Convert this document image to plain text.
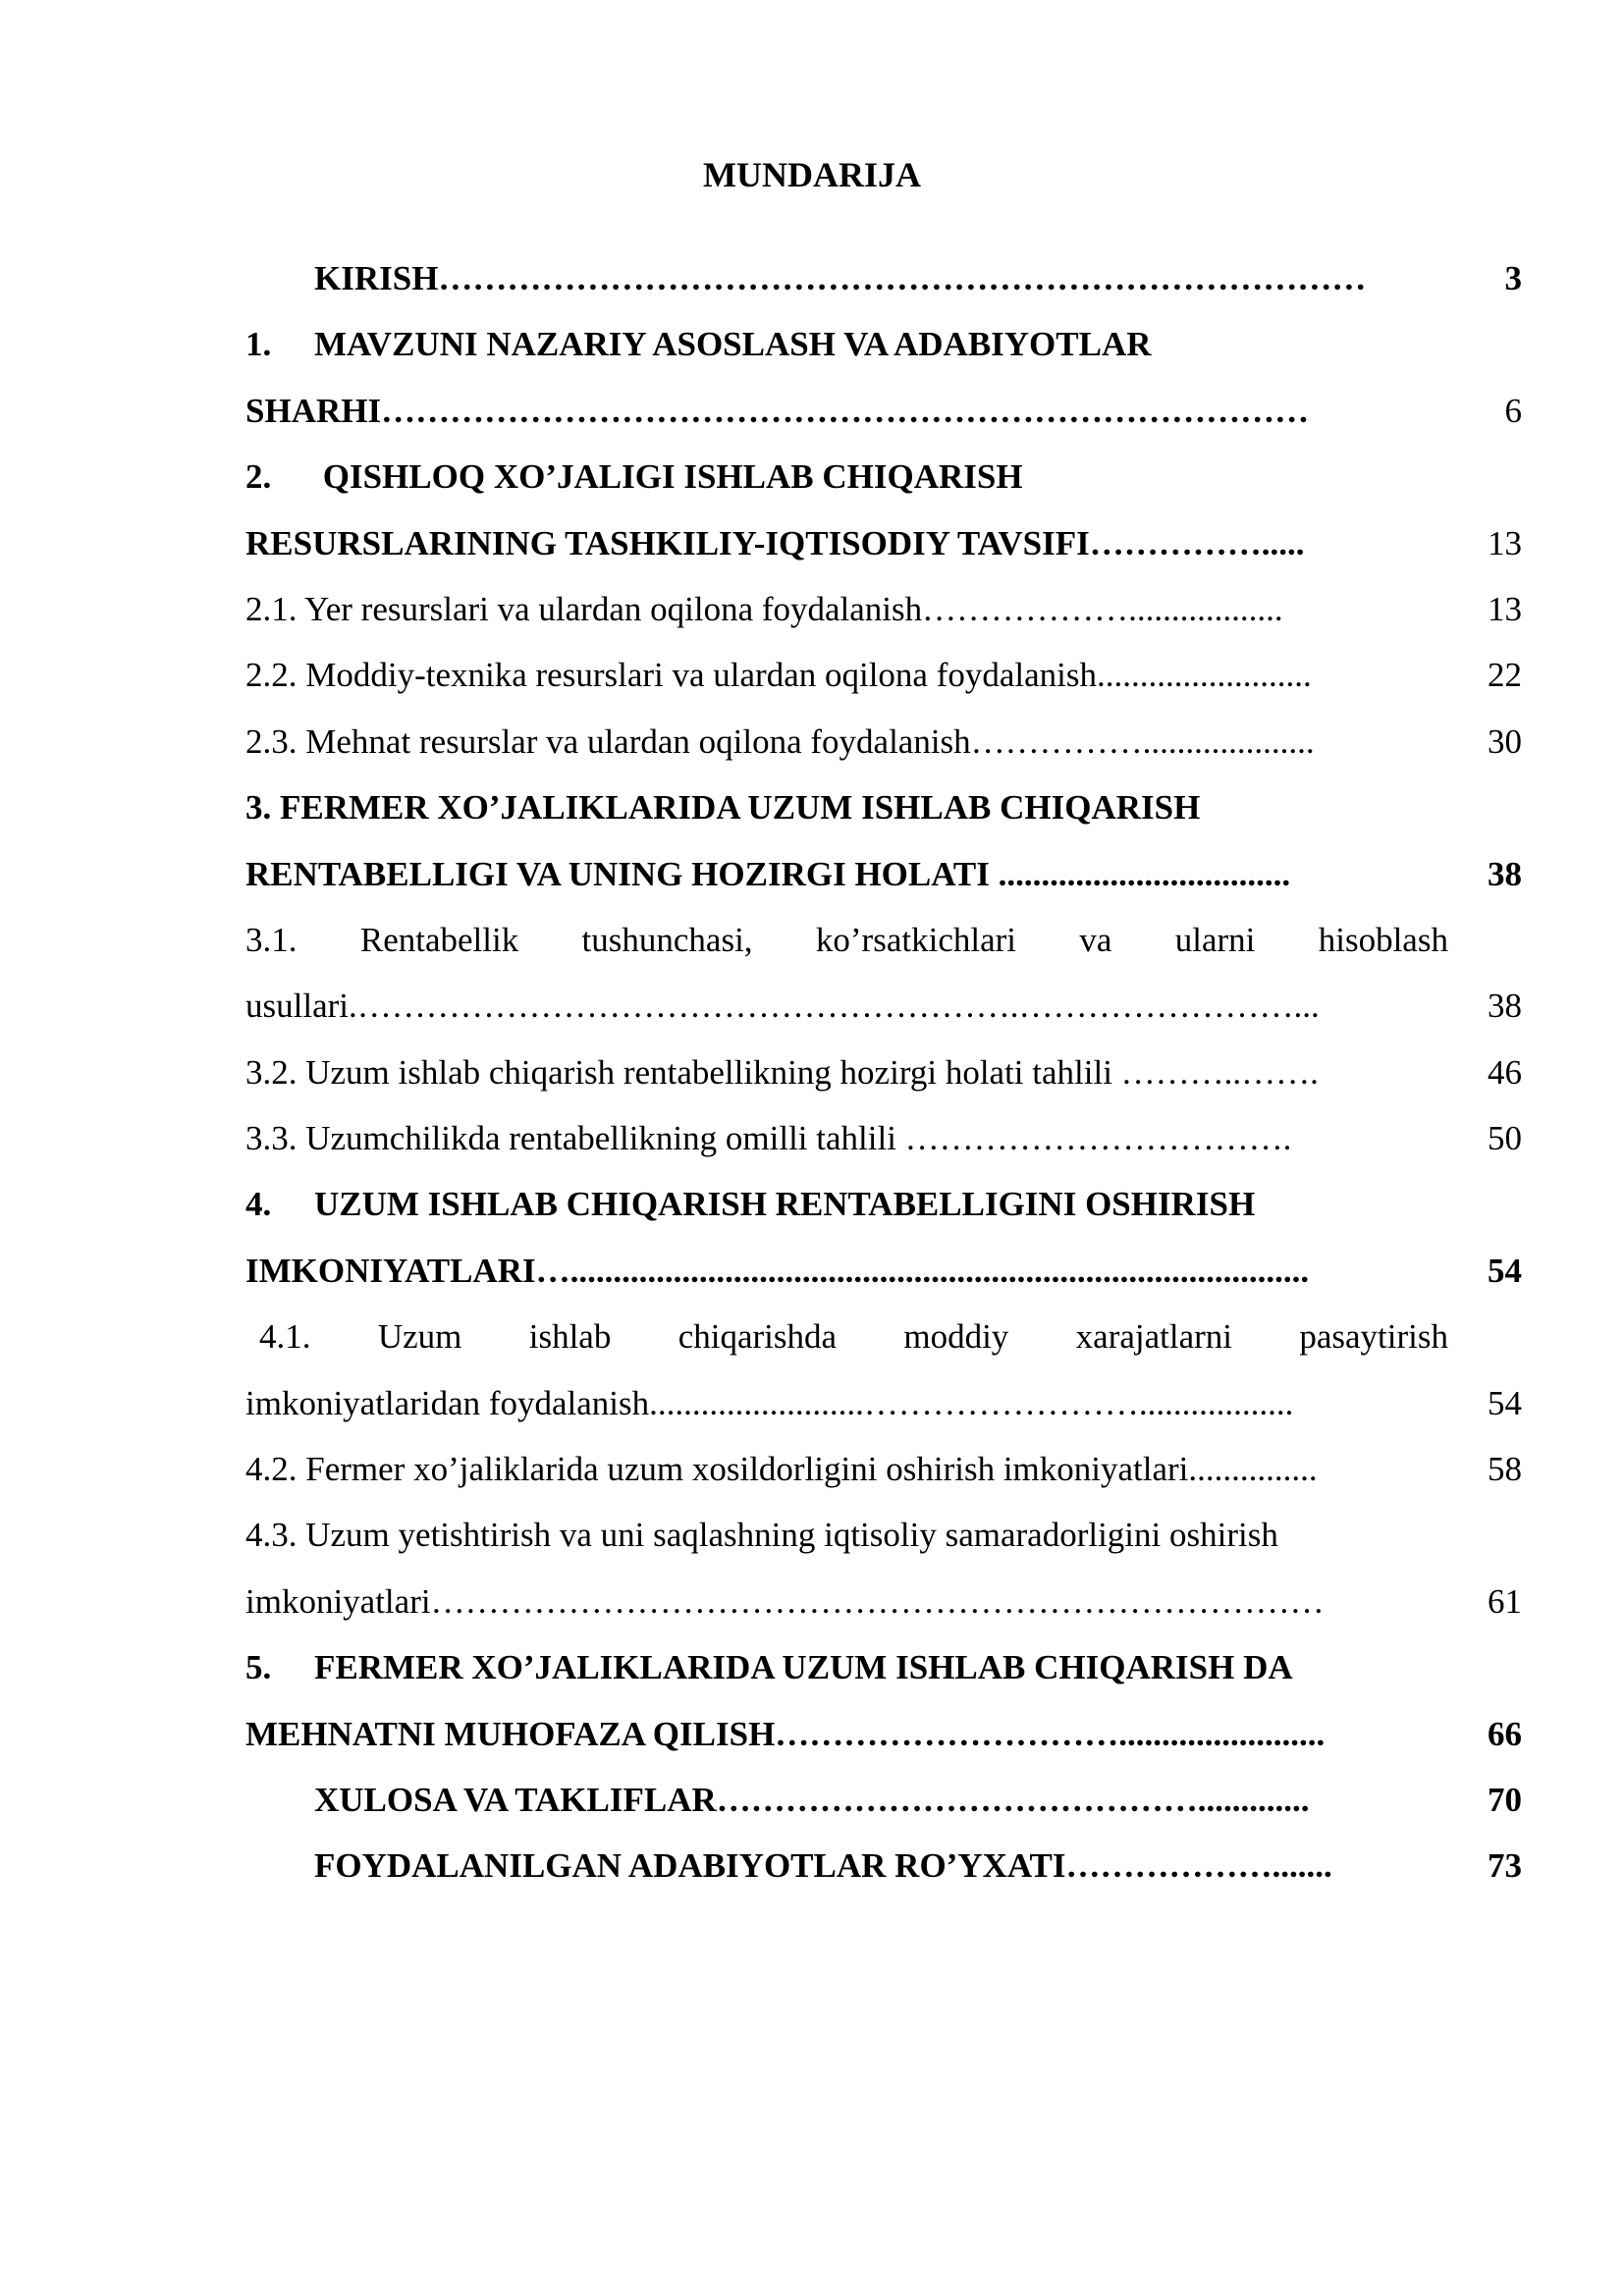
MUNDARIJA
KIRISH………………………………………………………………………	3
1. MAVZUNI NAZARIY ASOSLASH VA ADABIYOTLAR
SHARHI………………………………………………………………………	6
2. QISHLOQ XO’JALIGI ISHLAB CHIQARISH
RESURSLARINING TASHKILIY-IQTISODIY TAVSIFI…………….....	13
2.1. Yer resurslari va ulardan oqilona foydalanish………………..................	13
2.2. Moddiy-texnika resurslari va ulardan oqilona foydalanish.........................	22
2.3. Mehnat resurslar va ulardan oqilona foydalanish……………....................	30
3. FERMER XO’JALIKLARIDA UZUM ISHLAB CHIQARISH
RENTABELLIGI VA UNING HOZIRGI HOLATI ..................................	38
3.1. Rentabellik tushunchasi, ko’rsatkichlari va ularni hisoblash
usullari.………………………………………………….……………………...	38
3.2. Uzum ishlab chiqarish rentabellikning hozirgi holati tahlili ………..…….	46
3.3. Uzumchilikda rentabellikning omilli tahlili …………………………….	50
4. UZUM ISHLAB CHIQARISH RENTABELLIGINI OSHIRISH
IMKONIYATLARI…......................................................................................	54
4.1. Uzum ishlab chiqarishda moddiy xarajatlarni pasaytirish
imkoniyatlaridan foydalanish.........................……………………..................	54
4.2. Fermer xo’jaliklarida uzum xosildorligini oshirish imkoniyatlari...............	58
4.3. Uzum yetishtirish va uni saqlashning iqtisoliy samaradorligini oshirish
imkoniyatlari……………………………………………………………………	61
5. FERMER XO’JALIKLARIDA UZUM ISHLAB CHIQARISH DA
MEHNATNI MUHOFAZA QILISH…………………………........................	66
XULOSA VA TAKLIFLAR…………………………………….............	70
FOYDALANILGAN ADABIYOTLAR RO’YXATI……………….......	73
